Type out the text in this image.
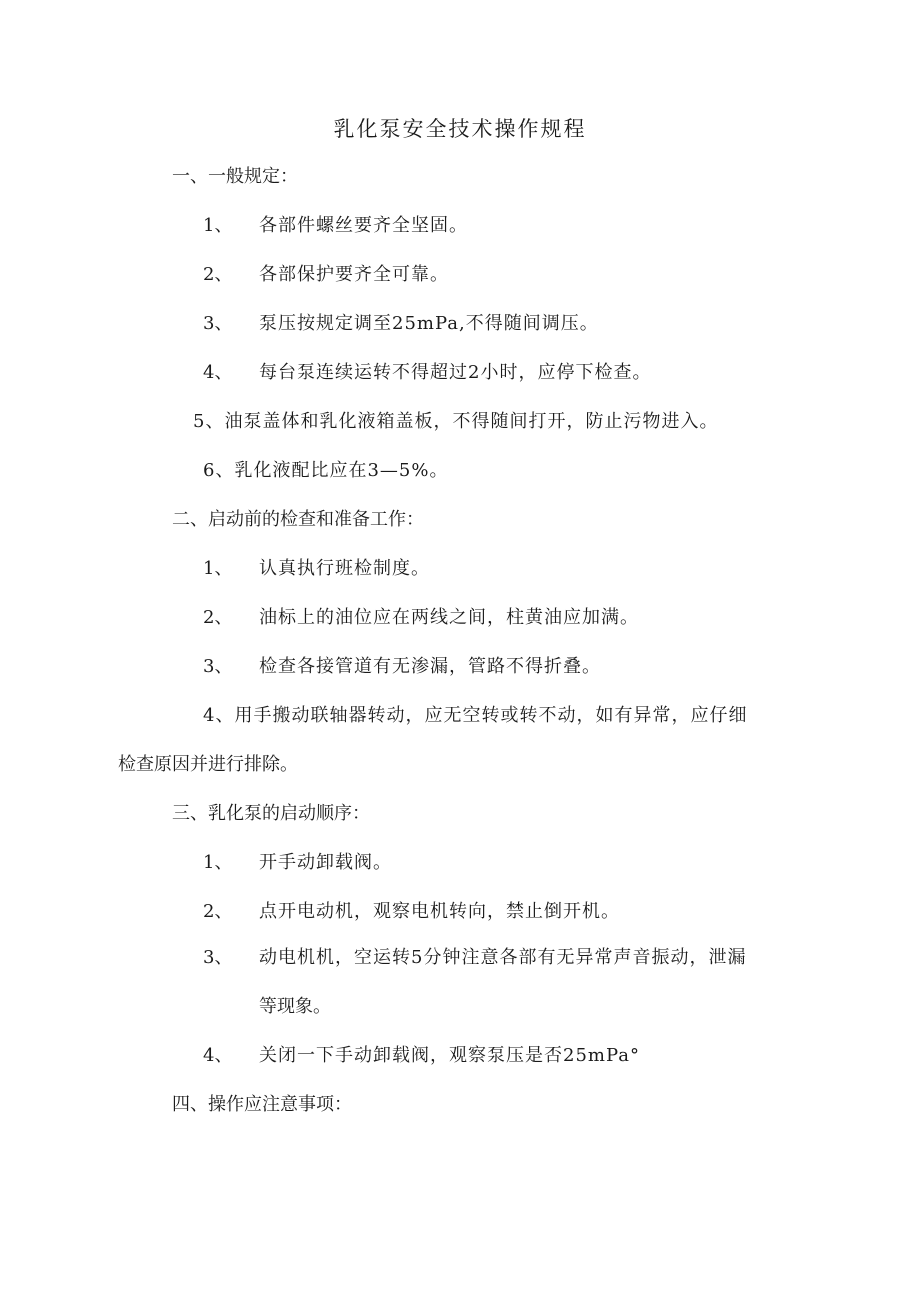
乳化泵安全技术操作规程
一、一般规定：
1、 各部件螺丝要齐全坚固。
2、 各部保护要齐全可靠。
3、 泵压按规定调至25mPa,不得随间调压。
4、 每台泵连续运转不得超过2小时，应停下检查。
5、油泵盖体和乳化液箱盖板，不得随间打开，防止污物进入。
6、乳化液配比应在3—5%。
二、启动前的检查和准备工作：
1、 认真执行班检制度。
2、 油标上的油位应在两线之间，柱黄油应加满。
3、 检查各接管道有无渗漏，管路不得折叠。
4、用手搬动联轴器转动，应无空转或转不动，如有异常，应仔细
检查原因并进行排除。
三、乳化泵的启动顺序：
1、 开手动卸载阀。
2、 点开电动机，观察电机转向，禁止倒开机。
3、 动电机机，空运转5分钟注意各部有无异常声音振动，泄漏
等现象。
4、 关闭一下手动卸载阀，观察泵压是否25mPa°
四、操作应注意事项：
